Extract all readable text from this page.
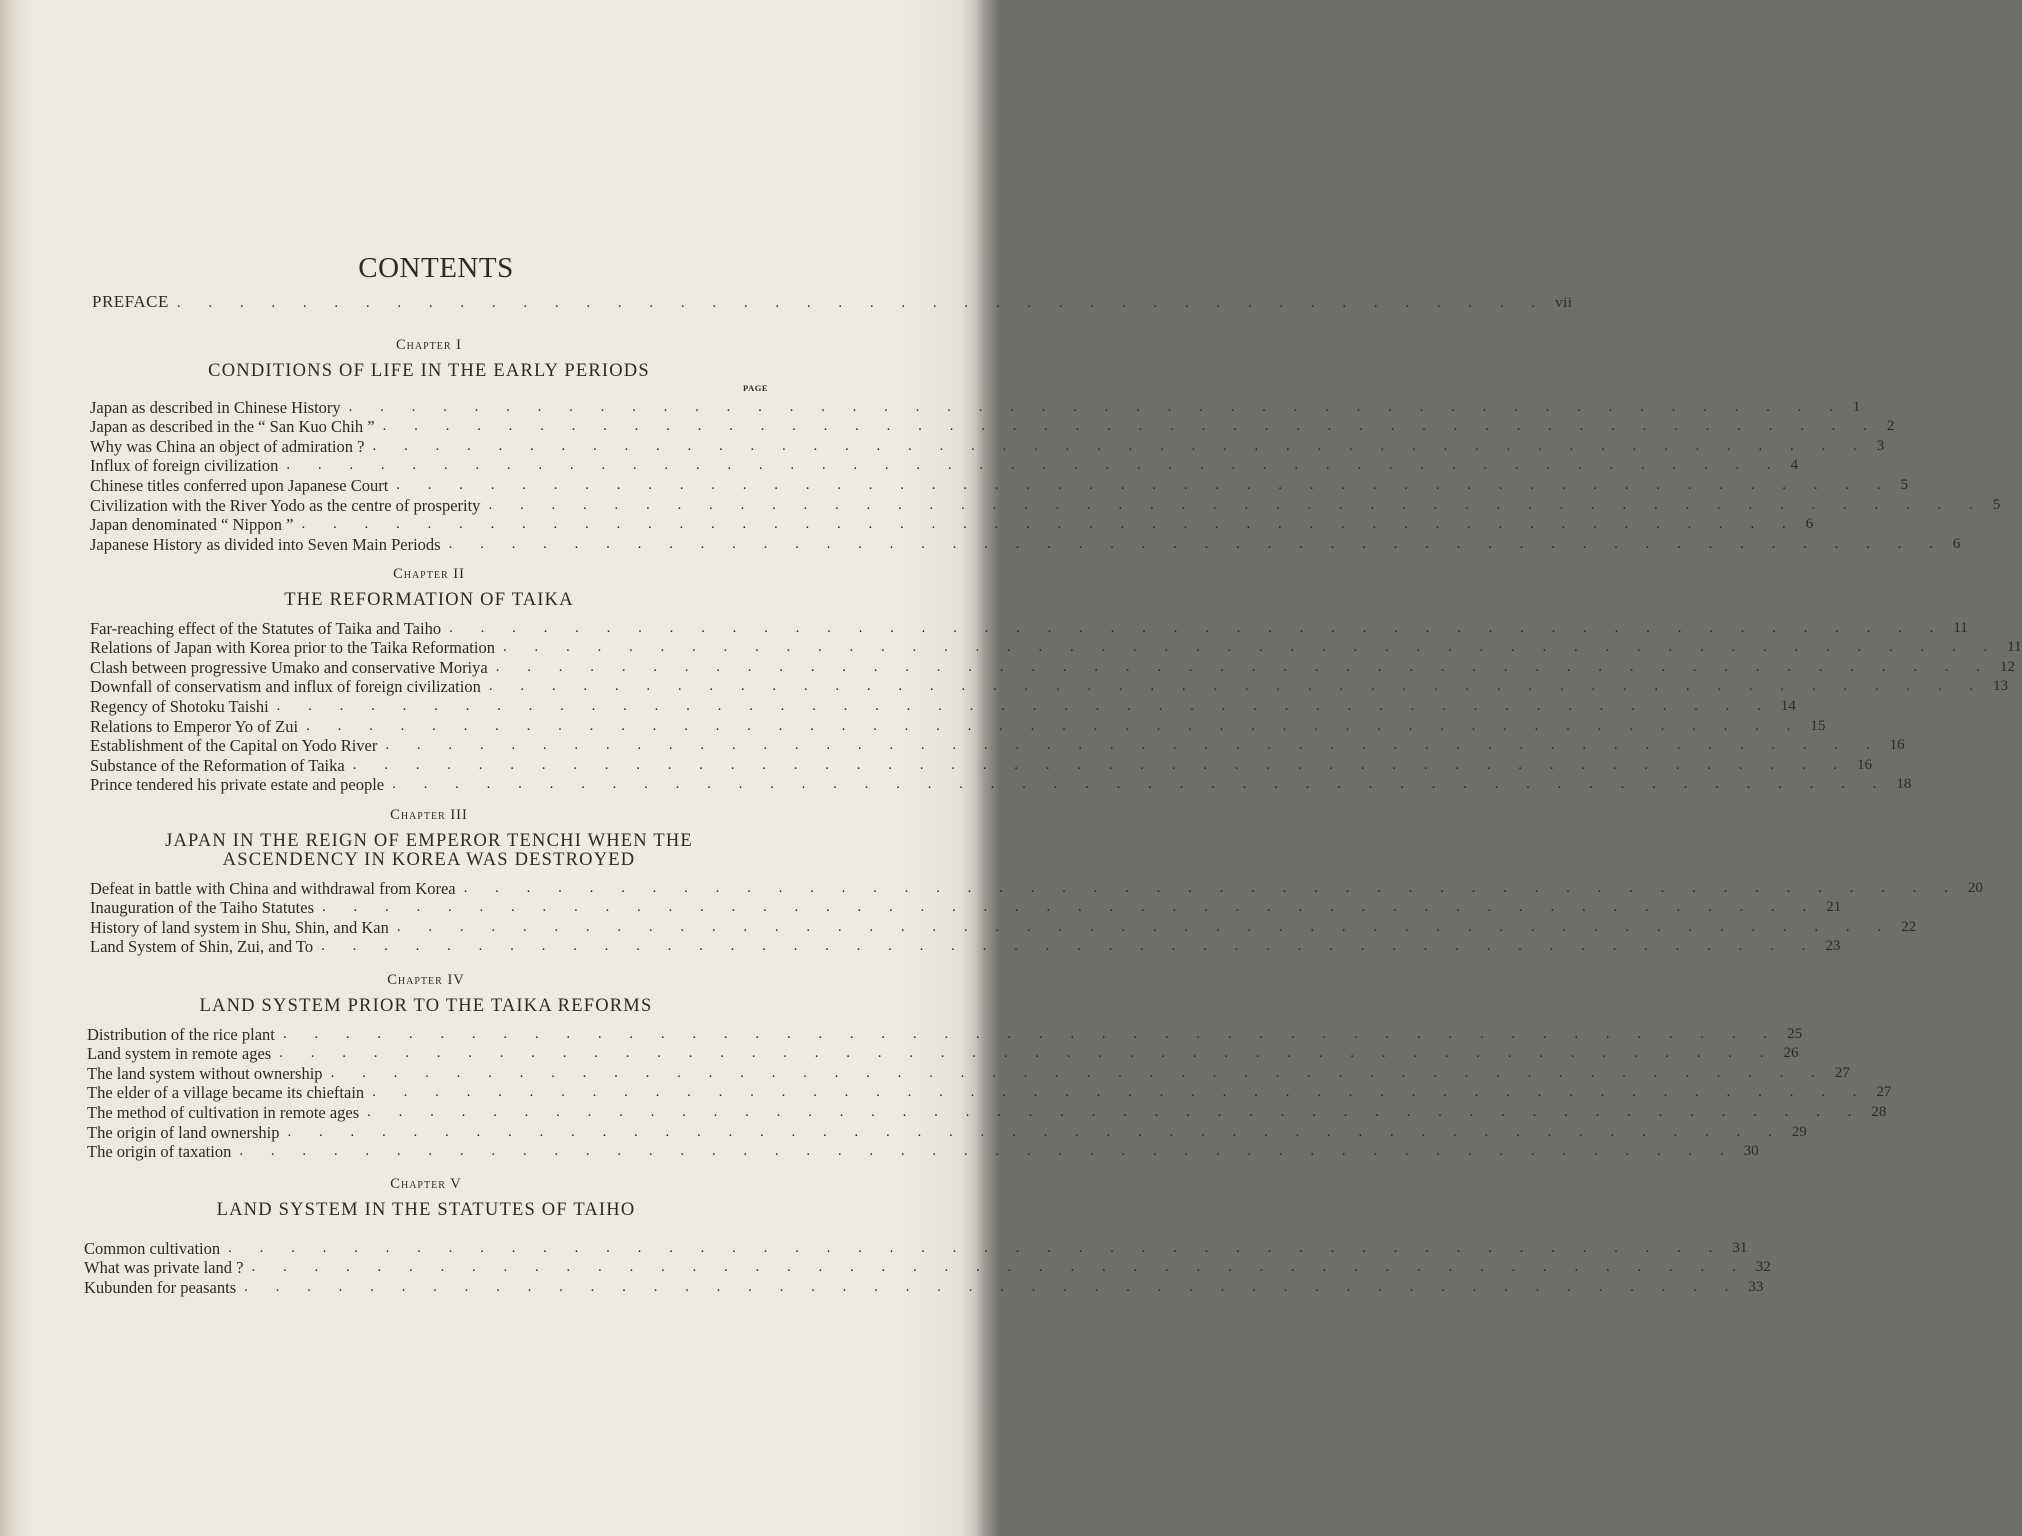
CONTENTS
PREFACE . . . . . . . . . . . . . . . . . . . . . . . . . . . . . . . . . . . . . . . . . . . . vii
Chapter I
CONDITIONS OF LIFE IN THE EARLY PERIODS
PAGE
Japan as described in Chinese History . . . . . . . . . . . . . . . . . . . . . . . . . . . . . . . . . . . . . . . . . . . . . . . . 1
Japan as described in the “ San Kuo Chih ” . . . . . . . . . . . . . . . . . . . . . . . . . . . . . . . . . . . . . . . . . . . . . . . . 2
Why was China an object of admiration ? . . . . . . . . . . . . . . . . . . . . . . . . . . . . . . . . . . . . . . . . . . . . . . . . 3
Influx of foreign civilization . . . . . . . . . . . . . . . . . . . . . . . . . . . . . . . . . . . . . . . . . . . . . . . . 4
Chinese titles conferred upon Japanese Court . . . . . . . . . . . . . . . . . . . . . . . . . . . . . . . . . . . . . . . . . . . . . . . . 5
Civilization with the River Yodo as the centre of prosperity . . . . . . . . . . . . . . . . . . . . . . . . . . . . . . . . . . . . . . . . . . . . . . . . 5
Japan denominated “ Nippon ” . . . . . . . . . . . . . . . . . . . . . . . . . . . . . . . . . . . . . . . . . . . . . . . . 6
Japanese History as divided into Seven Main Periods . . . . . . . . . . . . . . . . . . . . . . . . . . . . . . . . . . . . . . . . . . . . . . . . 6
Chapter II
THE REFORMATION OF TAIKA
Far-reaching effect of the Statutes of Taika and Taiho . . . . . . . . . . . . . . . . . . . . . . . . . . . . . . . . . . . . . . . . . . . . . . . . 11
Relations of Japan with Korea prior to the Taika Reformation . . . . . . . . . . . . . . . . . . . . . . . . . . . . . . . . . . . . . . . . . . . . . . . . 11
Clash between progressive Umako and conservative Moriya . . . . . . . . . . . . . . . . . . . . . . . . . . . . . . . . . . . . . . . . . . . . . . . . 12
Downfall of conservatism and influx of foreign civilization . . . . . . . . . . . . . . . . . . . . . . . . . . . . . . . . . . . . . . . . . . . . . . . . 13
Regency of Shotoku Taishi . . . . . . . . . . . . . . . . . . . . . . . . . . . . . . . . . . . . . . . . . . . . . . . . 14
Relations to Emperor Yo of Zui . . . . . . . . . . . . . . . . . . . . . . . . . . . . . . . . . . . . . . . . . . . . . . . . 15
Establishment of the Capital on Yodo River . . . . . . . . . . . . . . . . . . . . . . . . . . . . . . . . . . . . . . . . . . . . . . . . 16
Substance of the Reformation of Taika . . . . . . . . . . . . . . . . . . . . . . . . . . . . . . . . . . . . . . . . . . . . . . . . 16
Prince tendered his private estate and people . . . . . . . . . . . . . . . . . . . . . . . . . . . . . . . . . . . . . . . . . . . . . . . . 18
Chapter III
JAPAN IN THE REIGN OF EMPEROR TENCHI WHEN THE ASCENDENCY IN KOREA WAS DESTROYED
Defeat in battle with China and withdrawal from Korea . . . . . . . . . . . . . . . . . . . . . . . . . . . . . . . . . . . . . . . . . . . . . . . . 20
Inauguration of the Taiho Statutes . . . . . . . . . . . . . . . . . . . . . . . . . . . . . . . . . . . . . . . . . . . . . . . . 21
History of land system in Shu, Shin, and Kan . . . . . . . . . . . . . . . . . . . . . . . . . . . . . . . . . . . . . . . . . . . . . . . . 22
Land System of Shin, Zui, and To . . . . . . . . . . . . . . . . . . . . . . . . . . . . . . . . . . . . . . . . . . . . . . . . 23
Chapter IV
LAND SYSTEM PRIOR TO THE TAIKA REFORMS
Distribution of the rice plant . . . . . . . . . . . . . . . . . . . . . . . . . . . . . . . . . . . . . . . . . . . . . . . . 25
Land system in remote ages . . . . . . . . . . . . . . . . . . . . . . . . . . . . . . . . . . . . . . . . . . . . . . . . 26
The land system without ownership . . . . . . . . . . . . . . . . . . . . . . . . . . . . . . . . . . . . . . . . . . . . . . . . 27
The elder of a village became its chieftain . . . . . . . . . . . . . . . . . . . . . . . . . . . . . . . . . . . . . . . . . . . . . . . . 27
The method of cultivation in remote ages . . . . . . . . . . . . . . . . . . . . . . . . . . . . . . . . . . . . . . . . . . . . . . . . 28
The origin of land ownership . . . . . . . . . . . . . . . . . . . . . . . . . . . . . . . . . . . . . . . . . . . . . . . . 29
The origin of taxation . . . . . . . . . . . . . . . . . . . . . . . . . . . . . . . . . . . . . . . . . . . . . . . . 30
Chapter V
LAND SYSTEM IN THE STATUTES OF TAIHO
Common cultivation . . . . . . . . . . . . . . . . . . . . . . . . . . . . . . . . . . . . . . . . . . . . . . . . 31
What was private land ? . . . . . . . . . . . . . . . . . . . . . . . . . . . . . . . . . . . . . . . . . . . . . . . . 32
Kubunden for peasants . . . . . . . . . . . . . . . . . . . . . . . . . . . . . . . . . . . . . . . . . . . . . . . . 33
